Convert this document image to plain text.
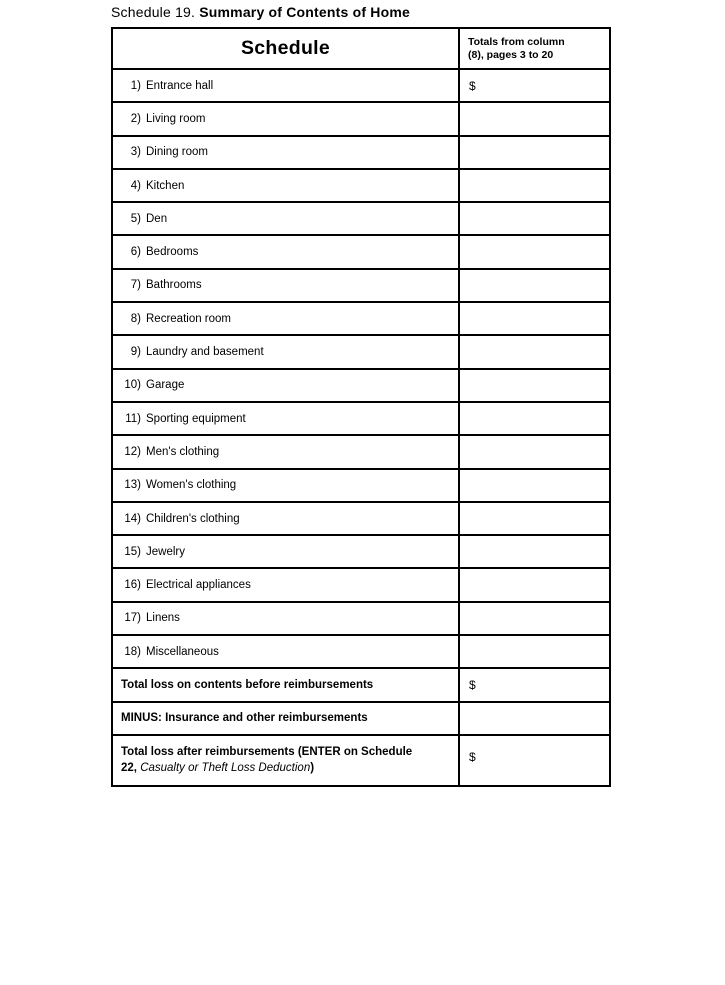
Schedule 19. Summary of Contents of Home
Schedule	Totals from column
(8), pages 3 to 20

1) Entrance hall	$
2) Living room	
3) Dining room	
4) Kitchen	
5) Den	
6) Bedrooms	
7) Bathrooms	
8) Recreation room	
9) Laundry and basement	
10) Garage	
11) Sporting equipment	
12) Men's clothing	
13) Women's clothing	
14) Children's clothing	
15) Jewelry	
16) Electrical appliances	
17) Linens	
18) Miscellaneous	
Total loss on contents before reimbursements	$
MINUS: Insurance and other reimbursements	
Total loss after reimbursements (ENTER on Schedule 22, Casualty or Theft Loss Deduction)	$
